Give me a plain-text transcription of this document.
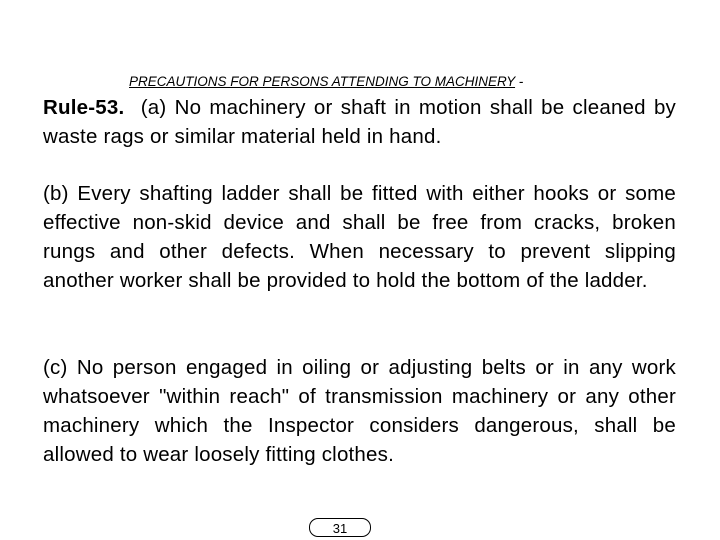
PRECAUTIONS FOR PERSONS ATTENDING TO MACHINERY -

Rule-53. (a) No machinery or shaft in motion shall be cleaned by waste rags or similar material held in hand.

(b) Every shafting ladder shall be fitted with either hooks or some effective non-skid device and shall be free from cracks, broken rungs and other defects. When necessary to prevent slipping another worker shall be provided to hold the bottom of the ladder.

(c) No person engaged in oiling or adjusting belts or in any work whatsoever "within reach" of transmission machinery or any other machinery which the Inspector considers dangerous, shall be allowed to wear loosely fitting clothes.

31
